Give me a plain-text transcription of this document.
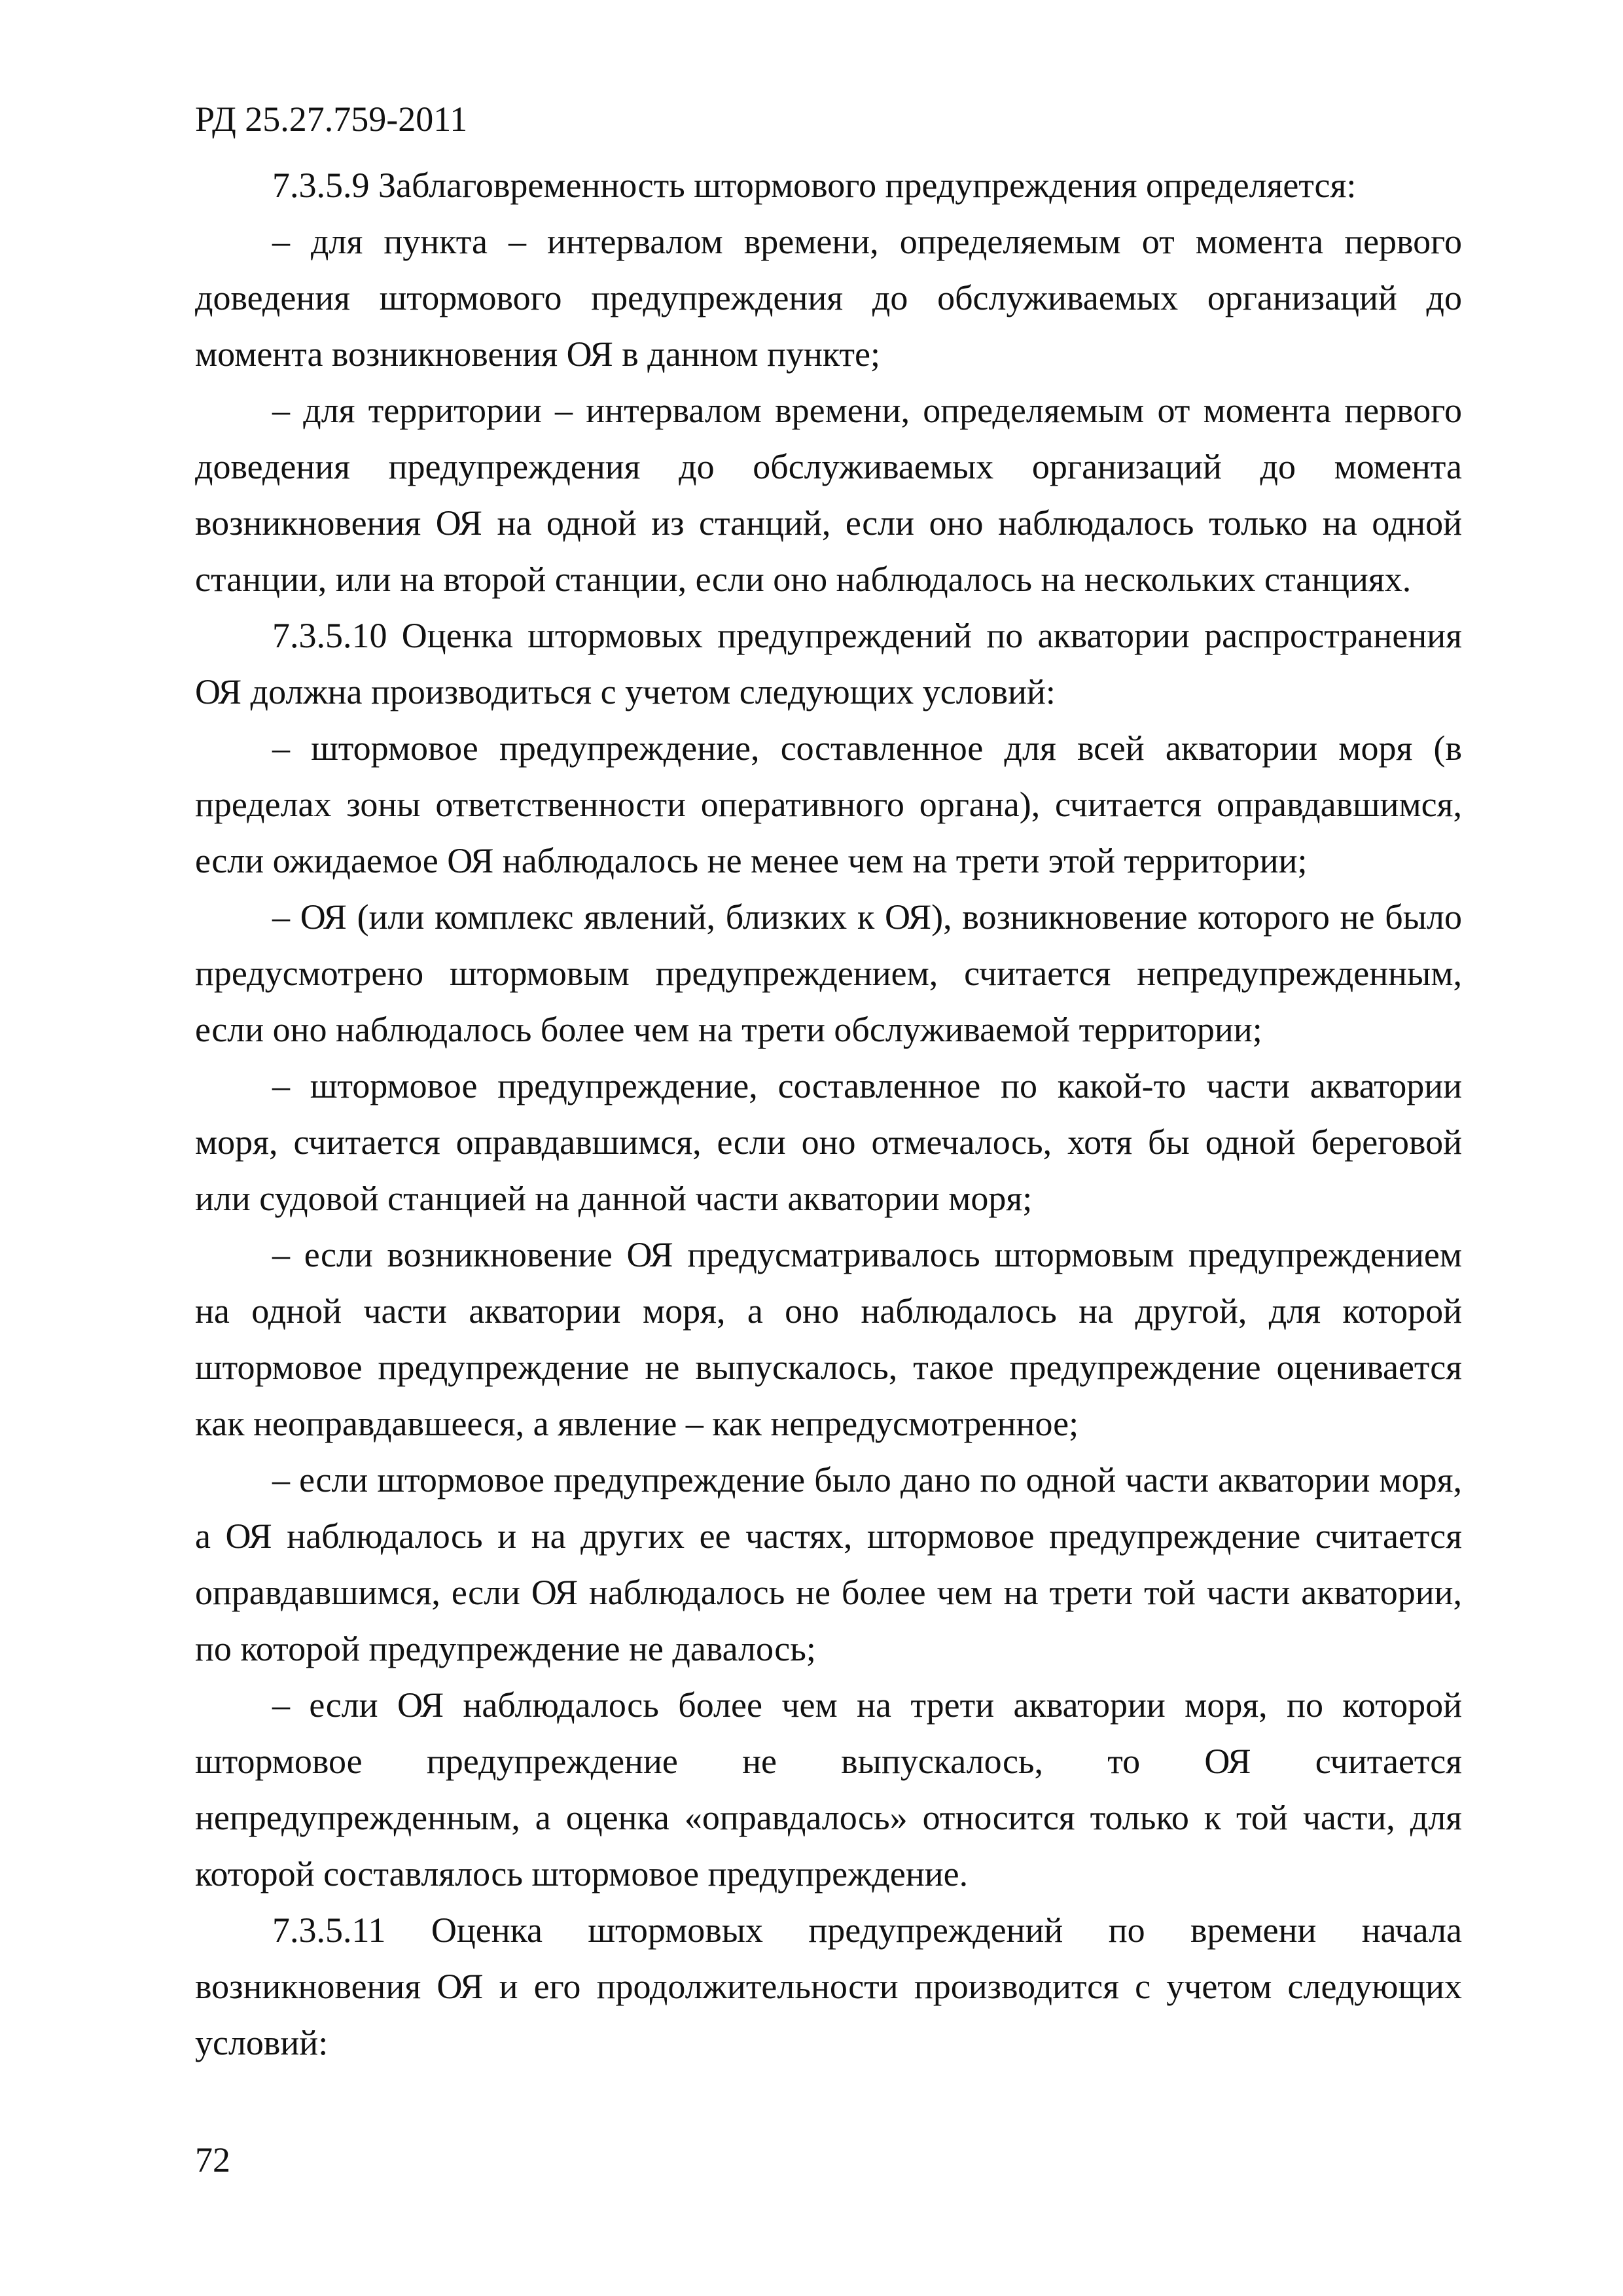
РД 25.27.759-2011

7.3.5.9 Заблаговременность штормового предупреждения определяется:

– для пункта – интервалом времени, определяемым от момента первого доведения штормового предупреждения до обслуживаемых организаций до момента возникновения ОЯ в данном пункте;

– для территории – интервалом времени, определяемым от момента первого доведения предупреждения до обслуживаемых организаций до момента возникновения ОЯ на одной из станций, если оно наблюдалось только на одной станции, или на второй станции, если оно наблюдалось на нескольких станциях.

7.3.5.10 Оценка штормовых предупреждений по акватории распространения ОЯ должна производиться с учетом следующих условий:

– штормовое предупреждение, составленное для всей акватории моря (в пределах зоны ответственности оперативного органа), считается оправдавшимся, если ожидаемое ОЯ наблюдалось не менее чем на трети этой территории;

– ОЯ (или комплекс явлений, близких к ОЯ), возникновение которого не было предусмотрено штормовым предупреждением, считается непредупрежденным, если оно наблюдалось более чем на трети обслуживаемой территории;

– штормовое предупреждение, составленное по какой-то части акватории моря, считается оправдавшимся, если оно отмечалось, хотя бы одной береговой или судовой станцией на данной части акватории моря;

– если возникновение ОЯ предусматривалось штормовым предупреждением на одной части акватории моря, а оно наблюдалось на другой, для которой штормовое предупреждение не выпускалось, такое предупреждение оценивается как неоправдавшееся, а явление – как непредусмотренное;

– если штормовое предупреждение было дано по одной части акватории моря, а ОЯ наблюдалось и на других ее частях, штормовое предупреждение считается оправдавшимся, если ОЯ наблюдалось не более чем на трети той части акватории, по которой предупреждение не давалось;

– если ОЯ наблюдалось более чем на трети акватории моря, по которой штормовое предупреждение не выпускалось, то ОЯ считается непредупрежденным, а оценка «оправдалось» относится только к той части, для которой составлялось штормовое предупреждение.

7.3.5.11 Оценка штормовых предупреждений по времени начала возникновения ОЯ и его продолжительности производится с учетом следующих условий:

72
